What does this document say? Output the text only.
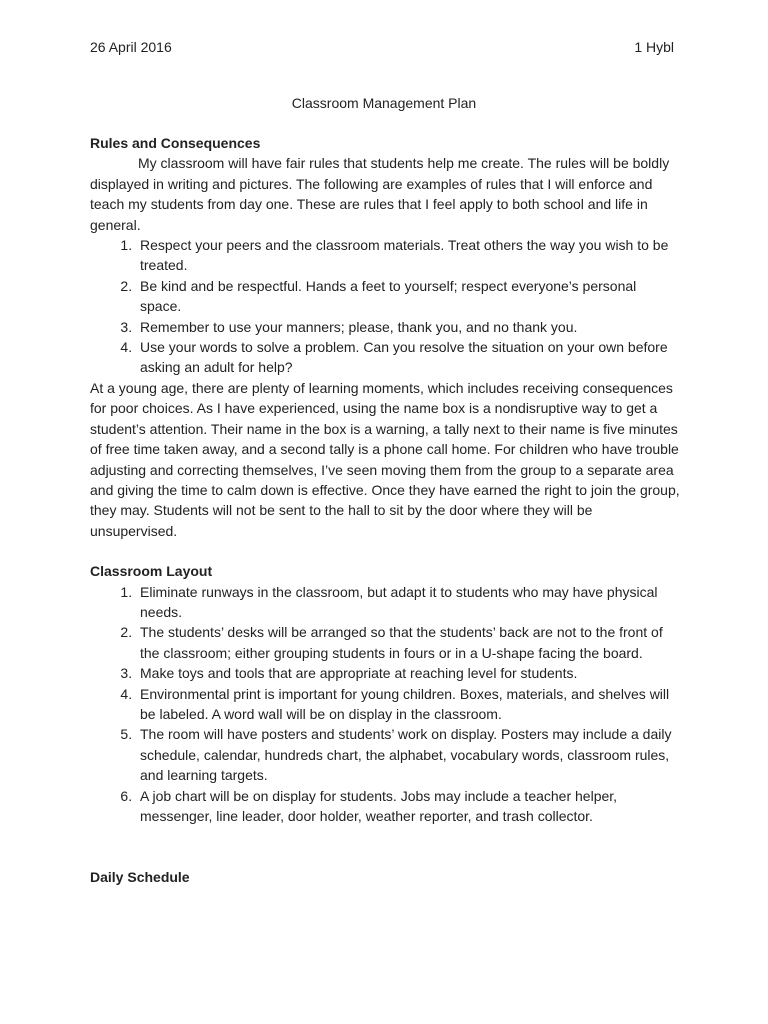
26 April 2016	1 Hybl
Classroom Management Plan

Rules and Consequences

My classroom will have fair rules that students help me create. The rules will be boldly displayed in writing and pictures. The following are examples of rules that I will enforce and teach my students from day one. These are rules that I feel apply to both school and life in general.

1. Respect your peers and the classroom materials. Treat others the way you wish to be treated.
2. Be kind and be respectful. Hands a feet to yourself; respect everyone’s personal space.
3. Remember to use your manners; please, thank you, and no thank you.
4. Use your words to solve a problem. Can you resolve the situation on your own before asking an adult for help?

At a young age, there are plenty of learning moments, which includes receiving consequences for poor choices. As I have experienced, using the name box is a nondisruptive way to get a student’s attention. Their name in the box is a warning, a tally next to their name is five minutes of free time taken away, and a second tally is a phone call home. For children who have trouble adjusting and correcting themselves, I’ve seen moving them from the group to a separate area and giving the time to calm down is effective. Once they have earned the right to join the group, they may. Students will not be sent to the hall to sit by the door where they will be unsupervised.

Classroom Layout

1. Eliminate runways in the classroom, but adapt it to students who may have physical needs.
2. The students’ desks will be arranged so that the students’ back are not to the front of the classroom; either grouping students in fours or in a U-shape facing the board.
3. Make toys and tools that are appropriate at reaching level for students.
4. Environmental print is important for young children. Boxes, materials, and shelves will be labeled. A word wall will be on display in the classroom.
5. The room will have posters and students’ work on display. Posters may include a daily schedule, calendar, hundreds chart, the alphabet, vocabulary words, classroom rules, and learning targets.
6. A job chart will be on display for students. Jobs may include a teacher helper, messenger, line leader, door holder, weather reporter, and trash collector.

Daily Schedule
